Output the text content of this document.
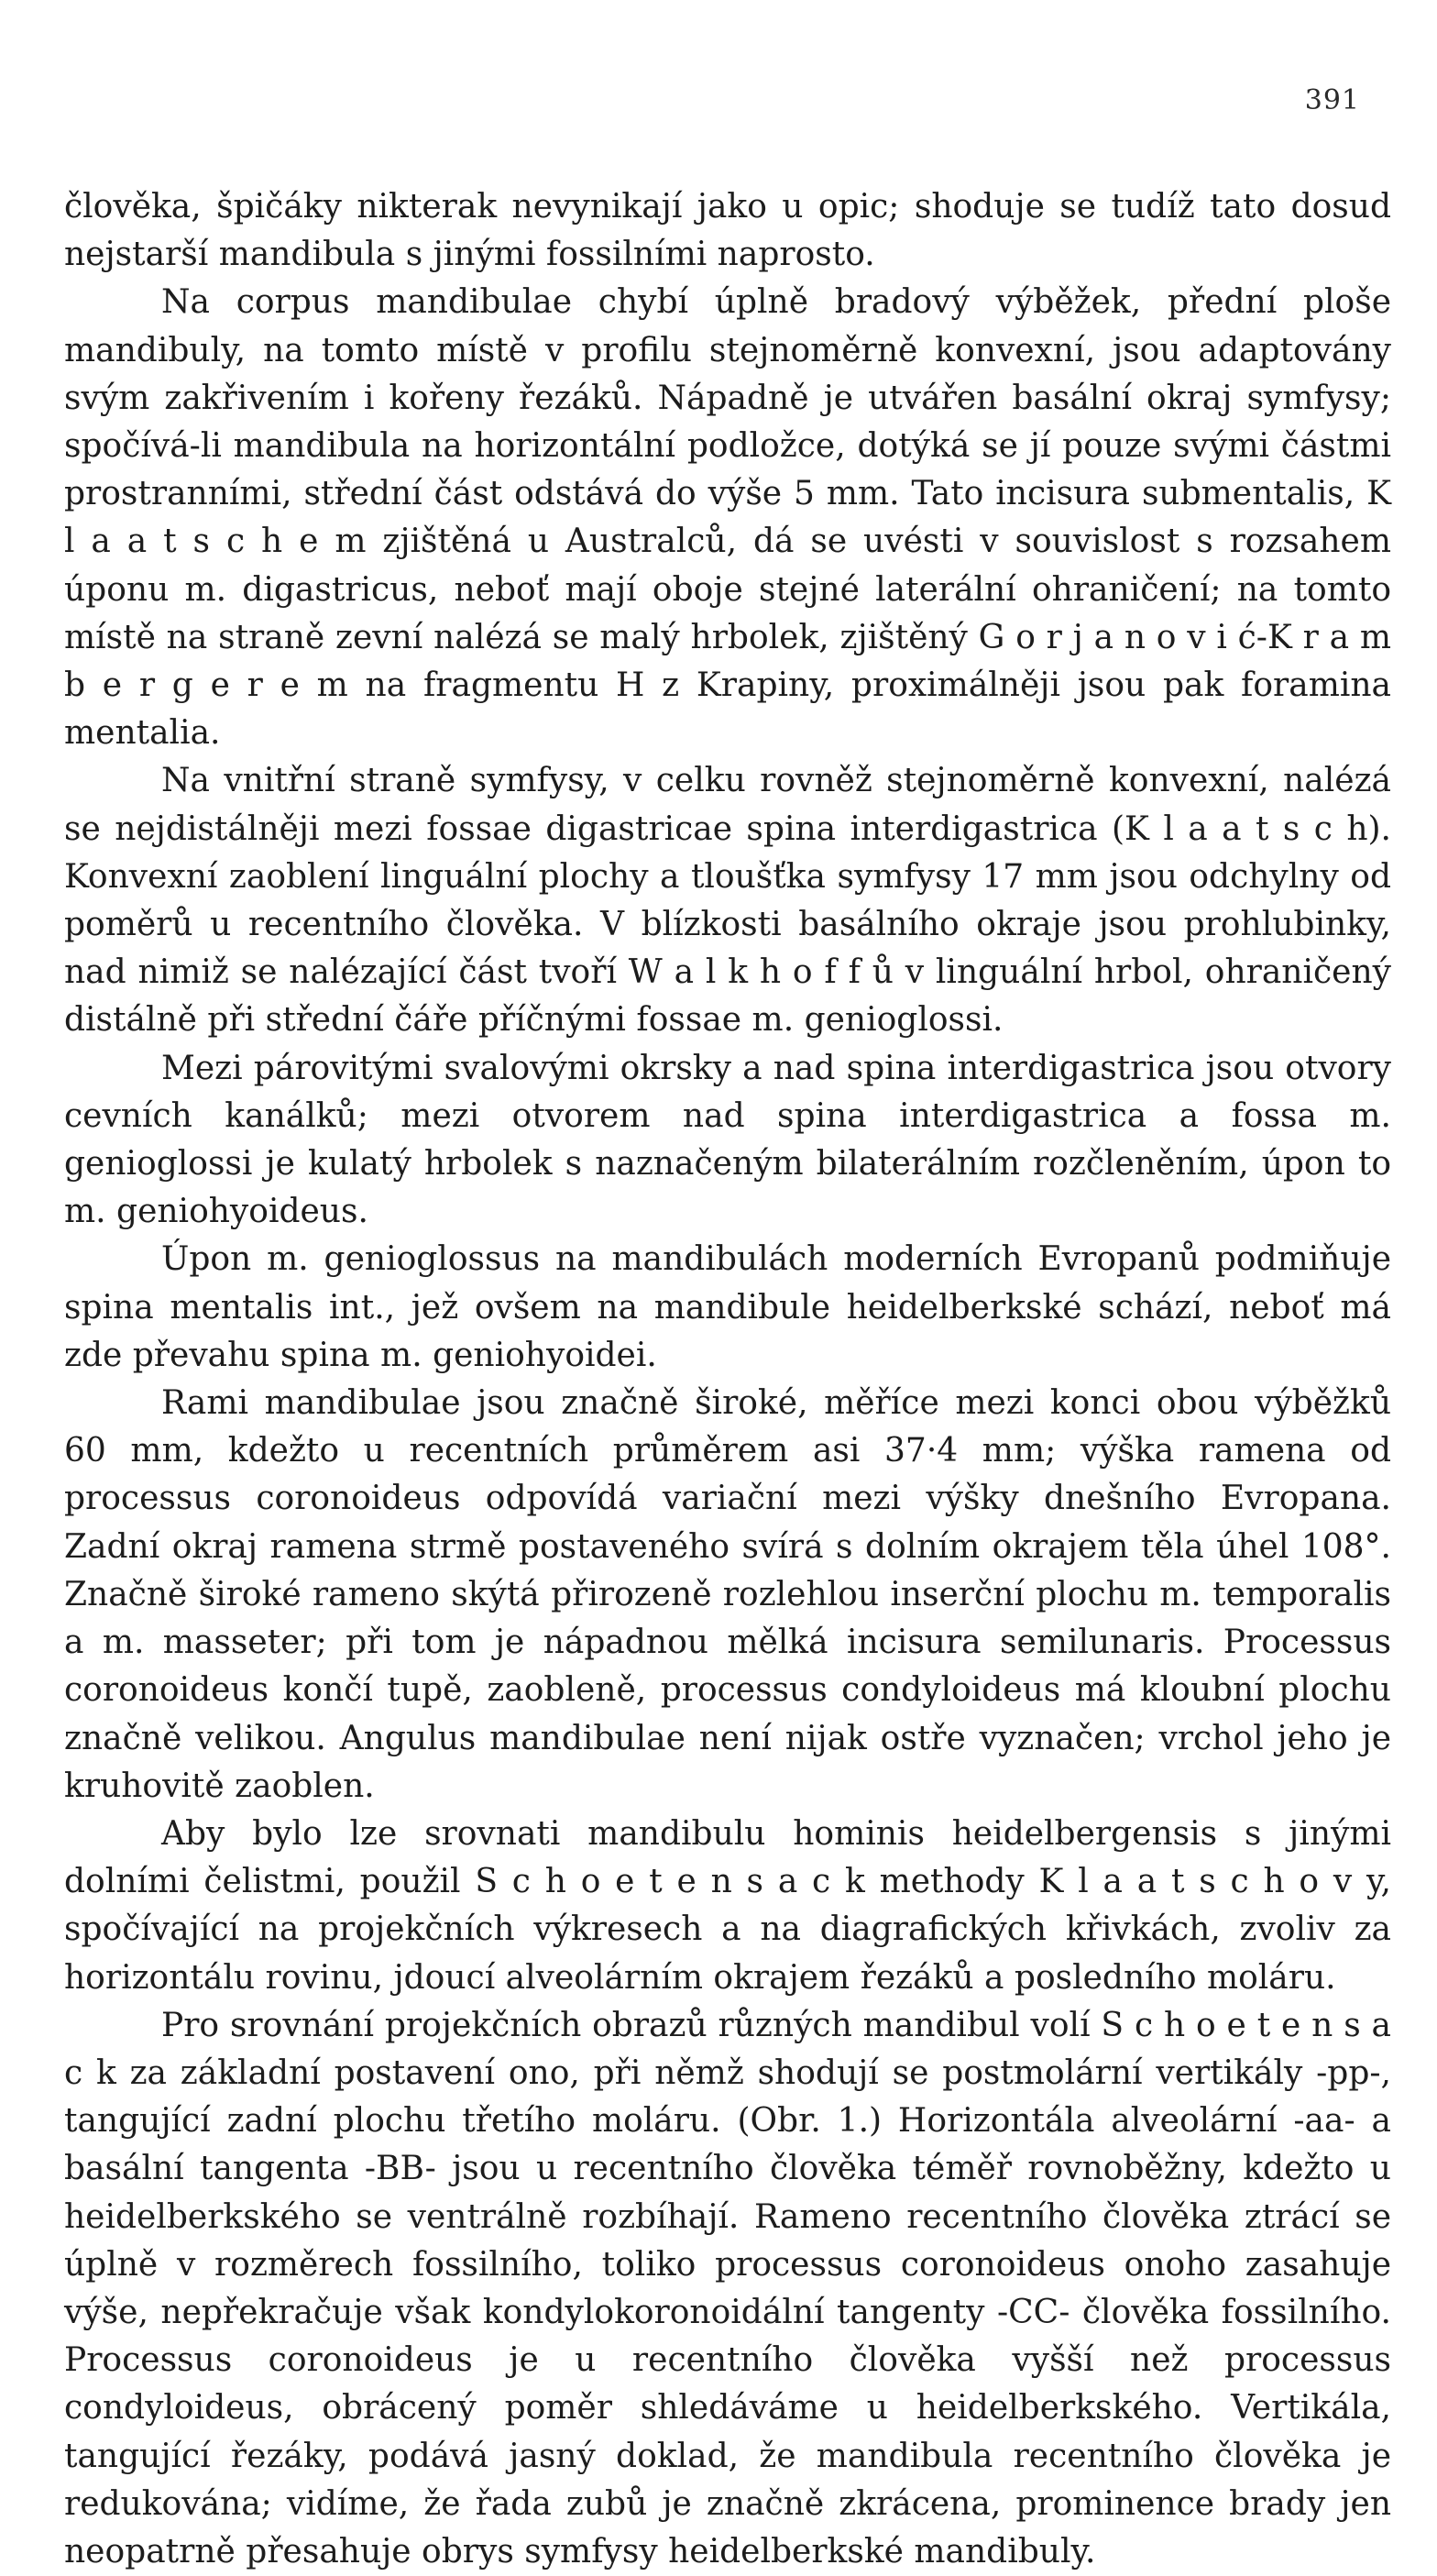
391

člověka, špičáky nikterak nevynikají jako u opic; shoduje se tudíž tato dosud nejstarší mandibula s jinými fossilními naprosto.

Na corpus mandibulae chybí úplně bradový výběžek, přední ploše mandibuly, na tomto místě v profilu stejnoměrně konvexní, jsou adaptovány svým zakřivením i kořeny řezáků. Nápadně je utvářen basální okraj symfysy; spočívá-li mandibula na horizontální podložce, dotýká se jí pouze svými částmi prostranními, střední část odstává do výše 5 mm. Tato incisura submentalis, K l a a t s c h e m zjištěná u Australců, dá se uvésti v souvislost s rozsahem úponu m. digastricus, neboť mají oboje stejné laterální ohraničení; na tomto místě na straně zevní nalézá se malý hrbolek, zjištěný G o r j a n o v i ć-K r a m b e r g e r e m na fragmentu H z Krapiny, proximálněji jsou pak foramina mentalia.

Na vnitřní straně symfysy, v celku rovněž stejnoměrně konvexní, nalézá se nejdistálněji mezi fossae digastricae spina interdigastrica (K l a a t s c h). Konvexní zaoblení linguální plochy a tloušťka symfysy 17 mm jsou odchylny od poměrů u recentního člověka. V blízkosti basálního okraje jsou prohlubinky, nad nimiž se nalézající část tvoří W a l k h o f f ů v linguální hrbol, ohraničený distálně při střední čáře příčnými fossae m. genioglossi.

Mezi párovitými svalovými okrsky a nad spina interdigastrica jsou otvory cevních kanálků; mezi otvorem nad spina interdigastrica a fossa m. genioglossi je kulatý hrbolek s naznačeným bilaterálním rozčleněním, úpon to m. geniohyoideus.

Úpon m. genioglossus na mandibulách moderních Evropanů podmiňuje spina mentalis int., jež ovšem na mandibule heidelberkské schází, neboť má zde převahu spina m. geniohyoidei.

Rami mandibulae jsou značně široké, měříce mezi konci obou výběžků 60 mm, kdežto u recentních průměrem asi 37·4 mm; výška ramena od processus coronoideus odpovídá variační mezi výšky dnešního Evropana. Zadní okraj ramena strmě postaveného svírá s dolním okrajem těla úhel 108°. Značně široké rameno skýtá přirozeně rozlehlou inserční plochu m. temporalis a m. masseter; při tom je nápadnou mělká incisura semilunaris. Processus coronoideus končí tupě, zaobleně, processus condyloideus má kloubní plochu značně velikou. Angulus mandibulae není nijak ostře vyznačen; vrchol jeho je kruhovitě zaoblen.

Aby bylo lze srovnati mandibulu hominis heidelbergensis s jinými dolními čelistmi, použil S c h o e t e n s a c k methody K l a a t s c h o v y, spočívající na projekčních výkresech a na diagrafických křivkách, zvoliv za horizontálu rovinu, jdoucí alveolárním okrajem řezáků a posledního moláru.

Pro srovnání projekčních obrazů různých mandibul volí S c h o e t e n s a c k za základní postavení ono, při němž shodují se postmolární vertikály -pp-, tangující zadní plochu třetího moláru. (Obr. 1.) Horizontála alveolární -aa- a basální tangenta -BB- jsou u recentního člověka téměř rovnoběžny, kdežto u heidelberkského se ventrálně rozbíhají. Rameno recentního člověka ztrácí se úplně v rozměrech fossilního, toliko processus coronoideus onoho zasahuje výše, nepřekračuje však kondylokoronoidální tangenty -CC- člověka fossilního. Processus coronoideus je u recentního člověka vyšší než processus condyloideus, obrácený poměr shledáváme u heidelberkského. Vertikála, tangující řezáky, podává jasný doklad, že mandibula recentního člověka je redukována; vidíme, že řada zubů je značně zkrácena, prominence brady jen neopatrně přesahuje obrys symfysy heidelberkské mandibuly.
